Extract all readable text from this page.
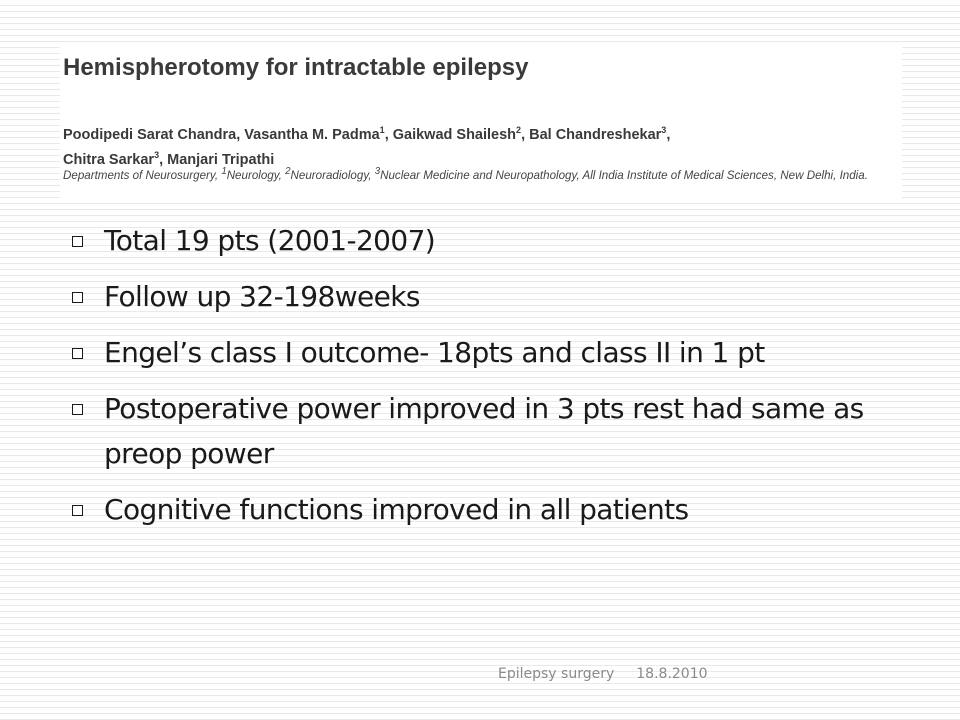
Hemispherotomy for intractable epilepsy
Poodipedi Sarat Chandra, Vasantha M. Padma$^1$, Gaikwad Shailesh$^2$, Bal Chandreshekar$^3$,
Chitra Sarkar$^3$, Manjari Tripathi
Departments of Neurosurgery, $^1$Neurology, $^2$Neuroradiology, $^3$Nuclear Medicine and Neuropathology, All India Institute of Medical Sciences, New Delhi, India.
Total 19 pts (2001-2007)
Follow up 32-198weeks
Engel’s class I outcome- 18pts and class II in 1 pt
Postoperative power improved in 3 pts rest had same as preop power
Cognitive functions improved in all patients
Epilepsy surgery 18.8.2010
